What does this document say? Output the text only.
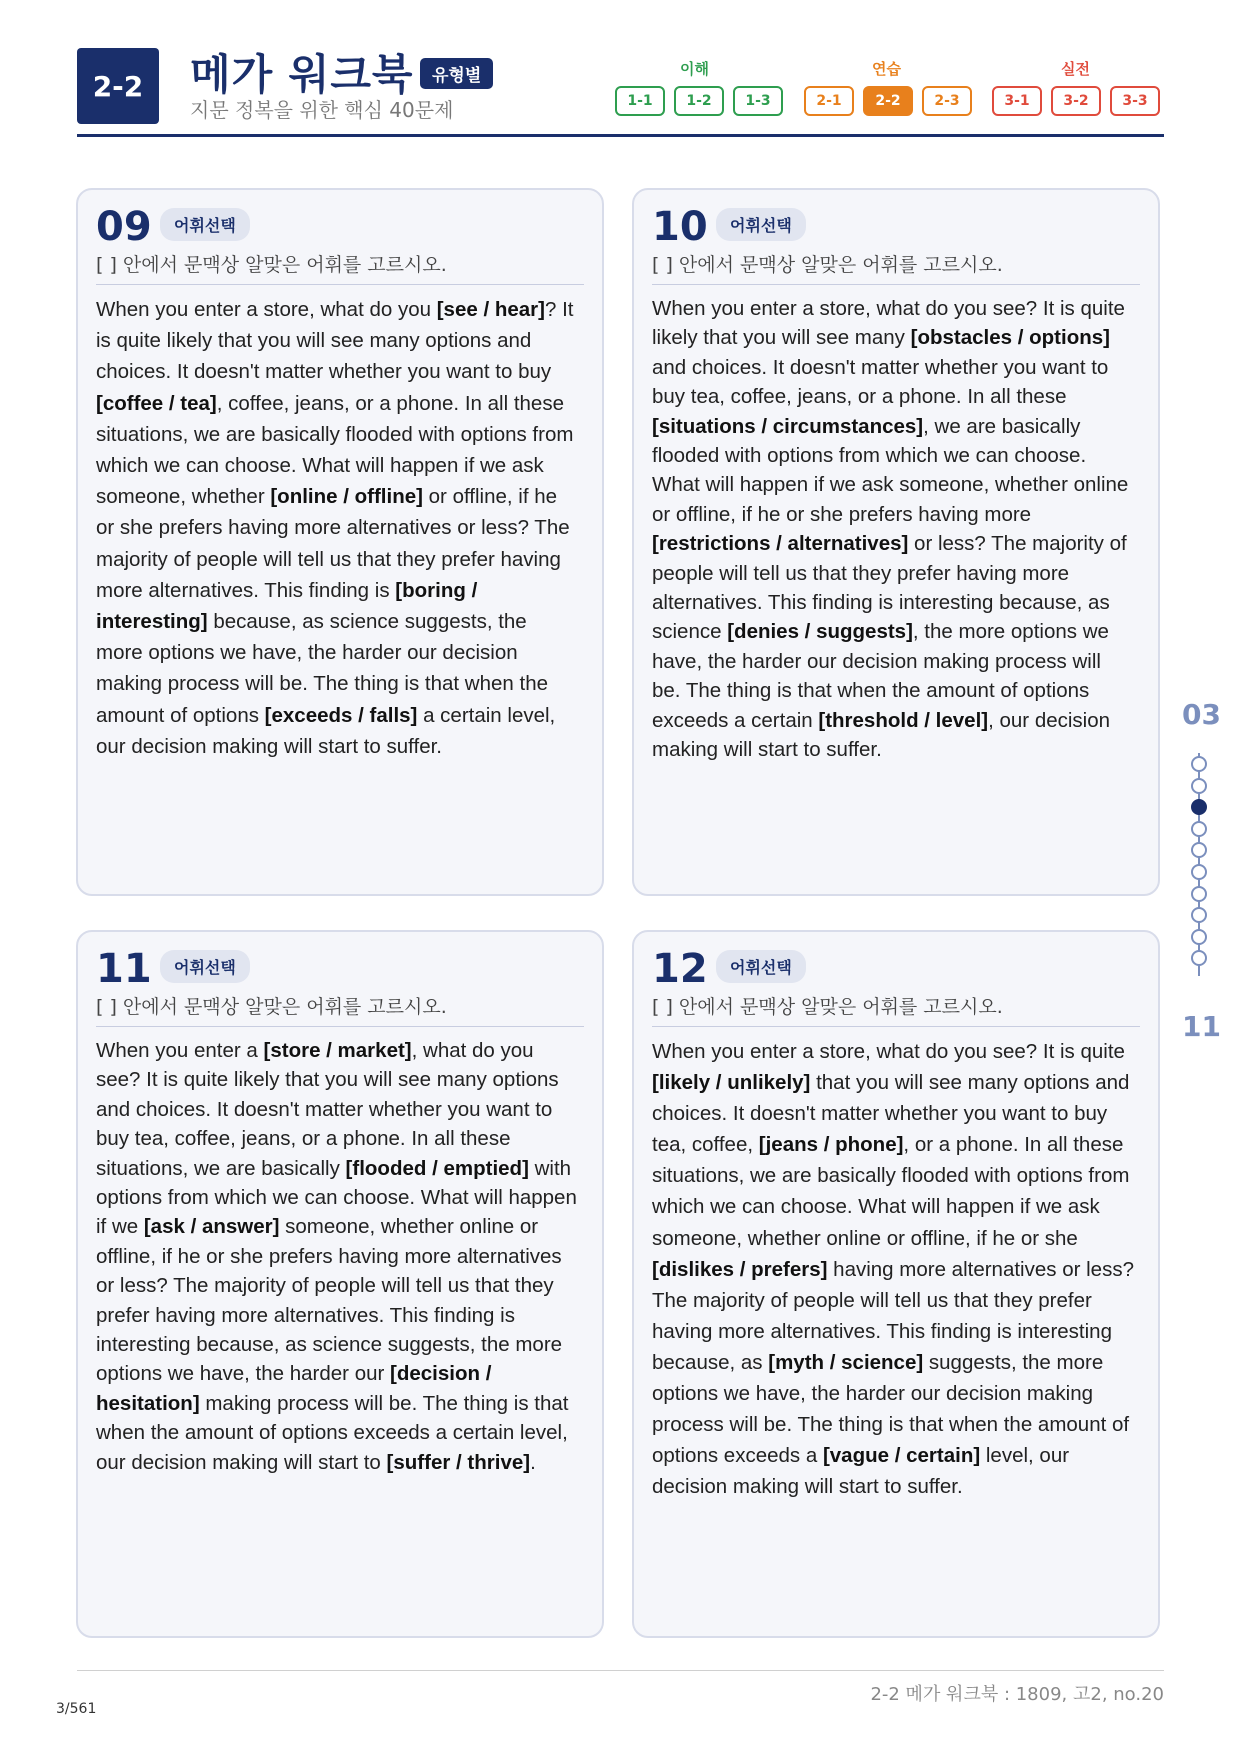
2-2	메가 워크북	유형별
지문 정복을 위한 핵심 40문제
이해	연습	실전
1-1	1-2	1-3	2-1	2-2	2-3	3-1	3-2	3-3
09	어휘선택
[ ] 안에서 문맥상 알맞은 어휘를 고르시오.
When you enter a store, what do you [see / hear]? It is quite likely that you will see many options and choices. It doesn't matter whether you want to buy [coffee / tea], coffee, jeans, or a phone. In all these situations, we are basically flooded with options from which we can choose. What will happen if we ask someone, whether [online / offline] or offline, if he or she prefers having more alternatives or less? The majority of people will tell us that they prefer having more alternatives. This finding is [boring / interesting] because, as science suggests, the more options we have, the harder our decision making process will be. The thing is that when the amount of options [exceeds / falls] a certain level, our decision making will start to suffer.
10	어휘선택
[ ] 안에서 문맥상 알맞은 어휘를 고르시오.
When you enter a store, what do you see? It is quite likely that you will see many [obstacles / options] and choices. It doesn't matter whether you want to buy tea, coffee, jeans, or a phone. In all these [situations / circumstances], we are basically flooded with options from which we can choose. What will happen if we ask someone, whether online or offline, if he or she prefers having more [restrictions / alternatives] or less? The majority of people will tell us that they prefer having more alternatives. This finding is interesting because, as science [denies / suggests], the more options we have, the harder our decision making process will be. The thing is that when the amount of options exceeds a certain [threshold / level], our decision making will start to suffer.
11	어휘선택
[ ] 안에서 문맥상 알맞은 어휘를 고르시오.
When you enter a [store / market], what do you see? It is quite likely that you will see many options and choices. It doesn't matter whether you want to buy tea, coffee, jeans, or a phone. In all these situations, we are basically [flooded / emptied] with options from which we can choose. What will happen if we [ask / answer] someone, whether online or offline, if he or she prefers having more alternatives or less? The majority of people will tell us that they prefer having more alternatives. This finding is interesting because, as science suggests, the more options we have, the harder our [decision / hesitation] making process will be. The thing is that when the amount of options exceeds a certain level, our decision making will start to [suffer / thrive].
12	어휘선택
[ ] 안에서 문맥상 알맞은 어휘를 고르시오.
When you enter a store, what do you see? It is quite [likely / unlikely] that you will see many options and choices. It doesn't matter whether you want to buy tea, coffee, [jeans / phone], or a phone. In all these situations, we are basically flooded with options from which we can choose. What will happen if we ask someone, whether online or offline, if he or she [dislikes / prefers] having more alternatives or less? The majority of people will tell us that they prefer having more alternatives. This finding is interesting because, as [myth / science] suggests, the more options we have, the harder our decision making process will be. The thing is that when the amount of options exceeds a [vague / certain] level, our decision making will start to suffer.
03
11
2-2 메가 워크북 : 1809, 고2, no.20
3/561
